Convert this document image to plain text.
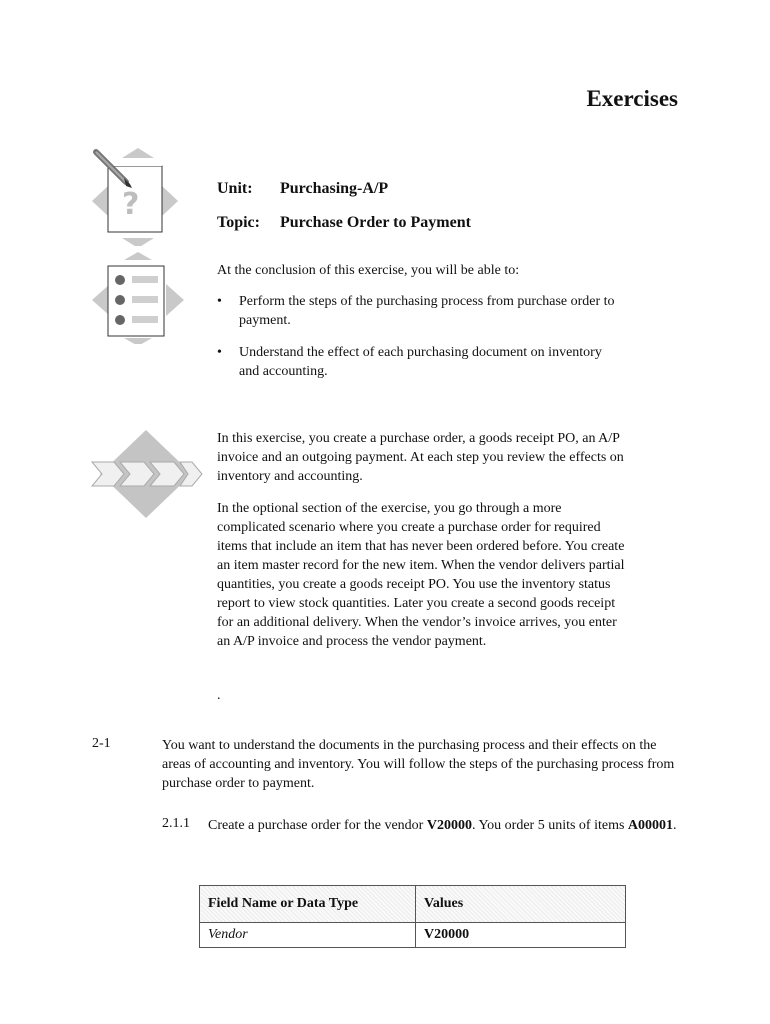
Exercises
?	Unit: Purchasing-A/P
Topic: Purchase Order to Payment
At the conclusion of this exercise, you will be able to:
• Perform the steps of the purchasing process from purchase order to payment.
• Understand the effect of each purchasing document on inventory and accounting.
In this exercise, you create a purchase order, a goods receipt PO, an A/P invoice and an outgoing payment. At each step you review the effects on inventory and accounting.
In the optional section of the exercise, you go through a more complicated scenario where you create a purchase order for required items that include an item that has never been ordered before. You create an item master record for the new item. When the vendor delivers partial quantities, you create a goods receipt PO. You use the inventory status report to view stock quantities. Later you create a second goods receipt for an additional delivery. When the vendor’s invoice arrives, you enter an A/P invoice and process the vendor payment.
.
2-1	You want to understand the documents in the purchasing process and their effects on the areas of accounting and inventory. You will follow the steps of the purchasing process from purchase order to payment.
2.1.1 Create a purchase order for the vendor V20000. You order 5 units of items A00001.
Field Name or Data Type	Values
Vendor	V20000
